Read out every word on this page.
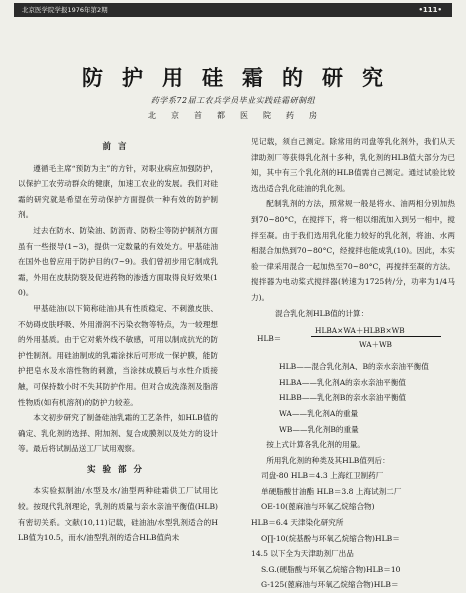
北京医学院学报1976年第2期	•111•
防护用硅霜的研究
药学系72届工农兵学员毕业实践硅霜研制组
北京首都医院药房
前言

遵循毛主席“预防为主”的方针，对职业病应加强防护，以保护工农劳动群众的健康，加速工农业的发展。我们对硅霜的研究就是希望在劳动保护方面提供一种有效的防护制剂。

过去在防水、防染油、防沥青、防粉尘等防护制剂方面虽有一些报导(1~3)，提供一定数量的有效处方。甲基硅油在国外也曾应用于防护目的(7~9)。我们曾初步用它制成乳霜，外用在皮肤防裂及促进药物的渗透方面取得良好效果(10)。

甲基硅油(以下简称硅油)具有性质稳定、不刺激皮肤、不妨碍皮肤呼吸、外用滑润不污染衣物等特点，为一较理想的外用基质。由于它对紫外线不敏感，可用以制成抗光的防护性制剂。用硅油制成的乳霜涂抹后可形成一保护膜，能防护把皂水及水溶性物的刺激，当涂抹成膜后与水性介质接触，可保持数小时不失其防护作用。但对合成洗涤剂及脂溶性物质(如有机溶剂)的防护力较差。

本文初步研究了制备硅油乳霜的工艺条件，如HLB值的确定、乳化剂的选择、附加剂、复合成膜剂以及处方的设计等。最后将试制品送工厂试用观察。

实验部分

本实验拟制油/水型及水/油型两种硅霜供工厂试用比较。按现代乳剂理论，乳剂的质量与亲水亲油平衡值(HLB)有密切关系。文献(10,11)记载，硅油油/水型乳剂适合的HLB值为10.5，而水/油型乳剂的适合HLB值尚未

见记载，须自己测定。除常用的司盘等乳化剂外，我们从天津助剂厂等获得乳化剂十多种，乳化剂的HLB值大部分为已知，其中有三个乳化剂的HLB值需自己测定。通过试验比较选出适合乳化硅油的乳化剂。

配制乳剂的方法，照常规一般是将水、油两相分别加热到70~80°C，在搅拌下，将一相以细流加入到另一相中，搅拌至凝。由于我们选用乳化能力较好的乳化剂，将油、水两相混合加热到70~80°C，经搅拌也能成乳(10)。因此，本实验一律采用混合一起加热至70~80°C，再搅拌至凝的方法。搅拌器为电动桨式搅拌器(转速为1725转/分，功率为1/4马力)。

混合乳化剂HLB值的计算：

HLB＝
HLBA×WA＋HLBB×WB
WA＋WB

HLB——混合乳化剂A、B的亲水亲油平衡值

HLBA——乳化剂A的亲水亲油平衡值

HLBB——乳化剂B的亲水亲油平衡值

WA——乳化剂A的重量

WB——乳化剂B的重量

按上式计算各乳化剂的用量。

所用乳化剂的种类及其HLB值列后：

司盘-80 HLB＝4.3 上海红卫制药厂

单硬脂酸甘油酯 HLB＝3.8 上海试剂二厂

OE-10(蓖麻油与环氧乙烷缩合物)

HLB＝6.4 天津染化研究所

O∏-10(烷基酚与环氧乙烷缩合物)HLB＝

14.5 以下全为天津助剂厂出品

S.G.(硬脂酸与环氧乙烷缩合物)HLB＝10

G-125(蓖麻油与环氧乙烷缩合物)HLB＝
